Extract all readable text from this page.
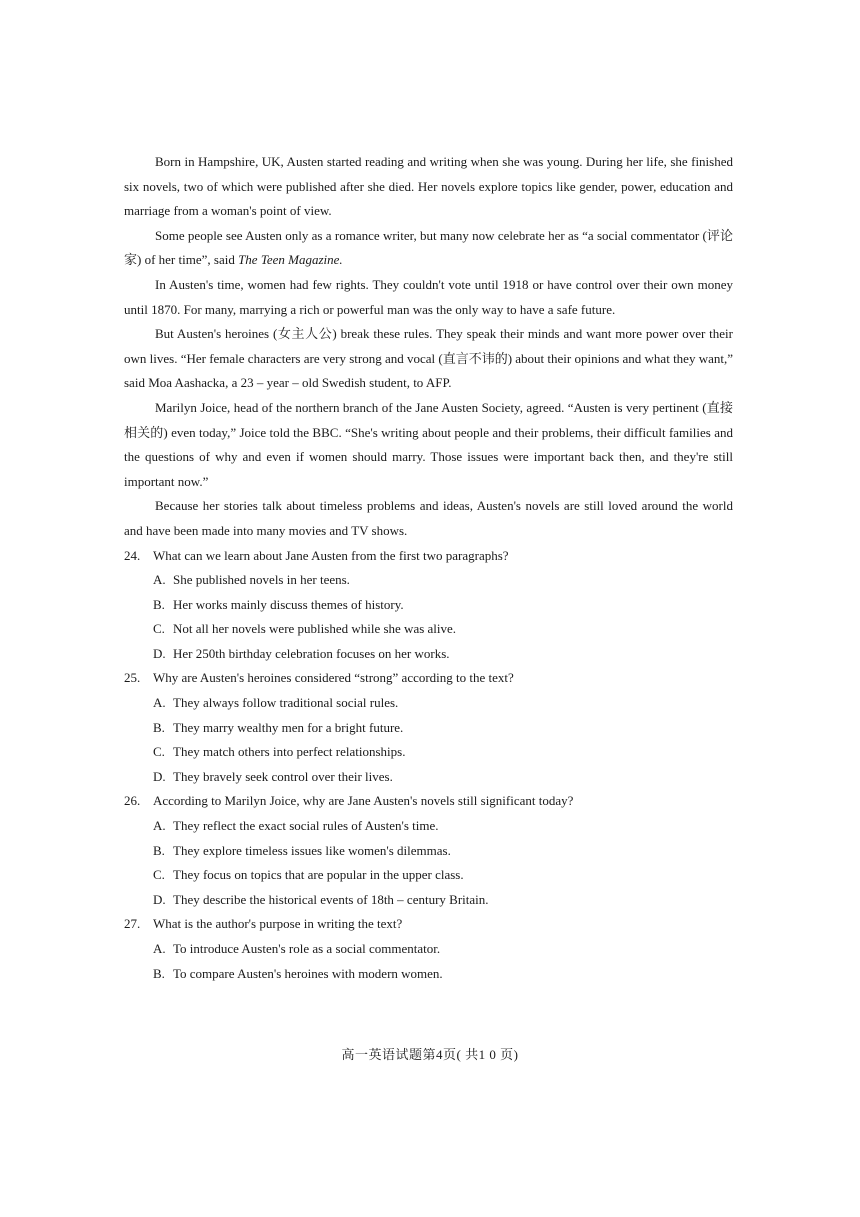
Born in Hampshire, UK, Austen started reading and writing when she was young. During her life, she finished six novels, two of which were published after she died. Her novels explore topics like gender, power, education and marriage from a woman's point of view.

Some people see Austen only as a romance writer, but many now celebrate her as “a social commentator (评论家) of her time”, said The Teen Magazine.

In Austen's time, women had few rights. They couldn't vote until 1918 or have control over their own money until 1870. For many, marrying a rich or powerful man was the only way to have a safe future.

But Austen's heroines (女主人公) break these rules. They speak their minds and want more power over their own lives. “Her female characters are very strong and vocal (直言不讳的) about their opinions and what they want,” said Moa Aashacka, a 23 – year – old Swedish student, to AFP.

Marilyn Joice, head of the northern branch of the Jane Austen Society, agreed. “Austen is very pertinent (直接相关的) even today,” Joice told the BBC. “She's writing about people and their problems, their difficult families and the questions of why and even if women should marry. Those issues were important back then, and they're still important now.”

Because her stories talk about timeless problems and ideas, Austen's novels are still loved around the world and have been made into many movies and TV shows.

24. What can we learn about Jane Austen from the first two paragraphs?

A. She published novels in her teens.
B. Her works mainly discuss themes of history.
C. Not all her novels were published while she was alive.
D. Her 250th birthday celebration focuses on her works.

25. Why are Austen's heroines considered “strong” according to the text?

A. They always follow traditional social rules.
B. They marry wealthy men for a bright future.
C. They match others into perfect relationships.
D. They bravely seek control over their lives.

26. According to Marilyn Joice, why are Jane Austen's novels still significant today?

A. They reflect the exact social rules of Austen's time.
B. They explore timeless issues like women's dilemmas.
C. They focus on topics that are popular in the upper class.
D. They describe the historical events of 18th – century Britain.

27. What is the author's purpose in writing the text?

A. To introduce Austen's role as a social commentator.
B. To compare Austen's heroines with modern women.
高一英语试题第4页( 共1 0 页)
